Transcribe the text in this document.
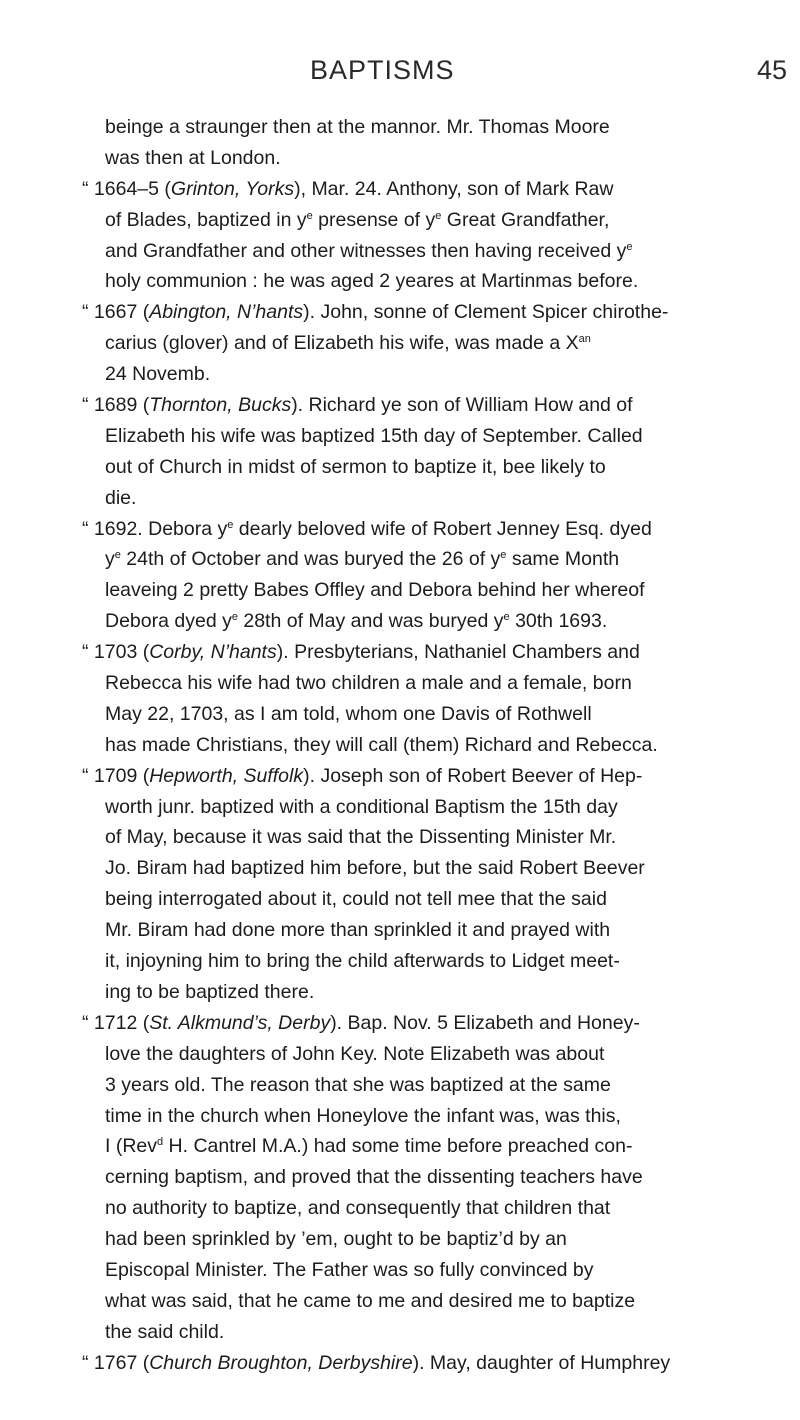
BAPTISMS	45
beinge a straunger then at the mannor. Mr. Thomas Moore
was then at London.
“ 1664–5 (Grinton, Yorks), Mar. 24. Anthony, son of Mark Raw
of Blades, baptized in $y^e$ presense of $y^e$ Great Grandfather,
and Grandfather and other witnesses then having received $y^e$
holy communion : he was aged 2 yeares at Martinmas before.
“ 1667 (Abington, N’hants). John, sonne of Clement Spicer chirothe-
carius (glover) and of Elizabeth his wife, was made a $X^{an}$
24 Novemb.
“ 1689 (Thornton, Bucks). Richard ye son of William How and of
Elizabeth his wife was baptized 15th day of September. Called
out of Church in midst of sermon to baptize it, bee likely to
die.
“ 1692. Debora $y^e$ dearly beloved wife of Robert Jenney Esq. dyed
$y^e$ 24th of October and was buryed the 26 of $y^e$ same Month
leaveing 2 pretty Babes Offley and Debora behind her whereof
Debora dyed $y^e$ 28th of May and was buryed $y^e$ 30th 1693.
“ 1703 (Corby, N’hants). Presbyterians, Nathaniel Chambers and
Rebecca his wife had two children a male and a female, born
May 22, 1703, as I am told, whom one Davis of Rothwell
has made Christians, they will call (them) Richard and Rebecca.
“ 1709 (Hepworth, Suffolk). Joseph son of Robert Beever of Hep-
worth junr. baptized with a conditional Baptism the 15th day
of May, because it was said that the Dissenting Minister Mr.
Jo. Biram had baptized him before, but the said Robert Beever
being interrogated about it, could not tell mee that the said
Mr. Biram had done more than sprinkled it and prayed with
it, injoyning him to bring the child afterwards to Lidget meet-
ing to be baptized there.
“ 1712 (St. Alkmund’s, Derby). Bap. Nov. 5 Elizabeth and Honey-
love the daughters of John Key. Note Elizabeth was about
3 years old. The reason that she was baptized at the same
time in the church when Honeylove the infant was, was this,
I (Rev$^d$ H. Cantrel M.A.) had some time before preached con-
cerning baptism, and proved that the dissenting teachers have
no authority to baptize, and consequently that children that
had been sprinkled by ’em, ought to be baptiz’d by an
Episcopal Minister. The Father was so fully convinced by
what was said, that he came to me and desired me to baptize
the said child.
“ 1767 (Church Broughton, Derbyshire). May, daughter of Humphrey
